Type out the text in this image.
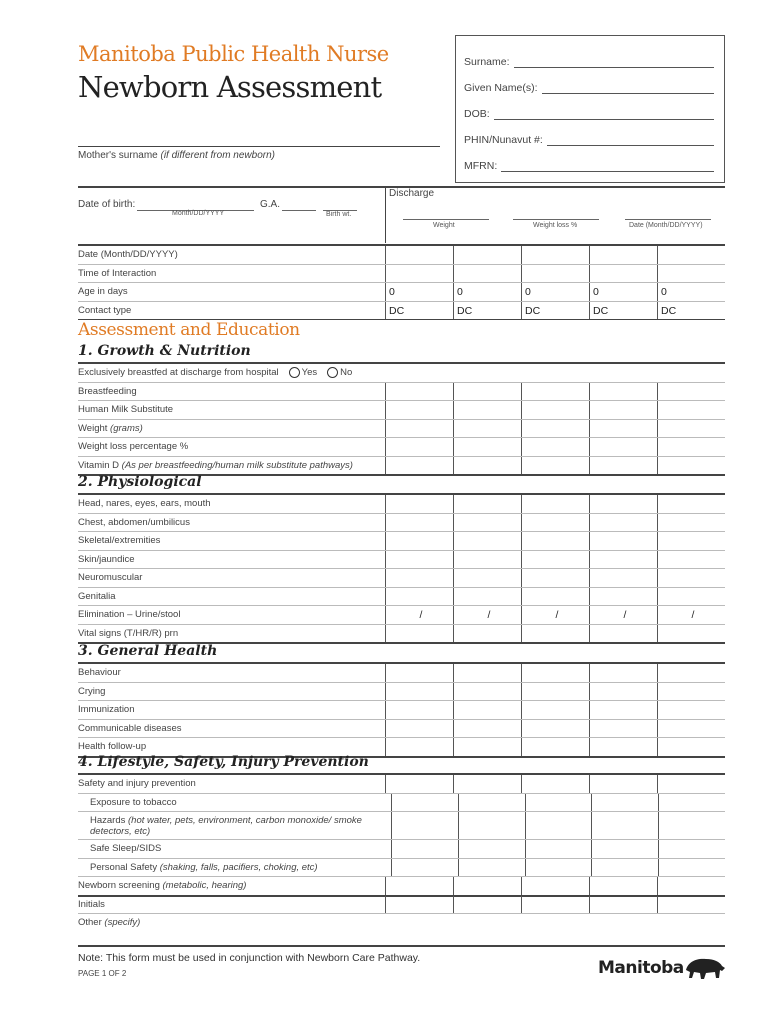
Manitoba Public Health Nurse
Newborn Assessment
Surname:
Given Name(s):
DOB:
PHIN/Nunavut #:
MFRN:
Mother's surname (if different from newborn)
Date of birth:
Month/DD/YYYY
G.A.
Birth wt.
Discharge
Weight	Weight loss %	Date (Month/DD/YYYY)
Date (Month/DD/YYYY)
Time of Interaction
Age in days	0	0	0	0	0
Contact type	DC	DC	DC	DC	DC
1. Growth & Nutrition
Exclusively breastfed at discharge from hospital Yes No
Breastfeeding
Human Milk Substitute
Weight (grams)
Weight loss percentage %
Vitamin D (As per breastfeeding/human milk substitute pathways)
2. Physiological
Head, nares, eyes, ears, mouth
Chest, abdomen/umbilicus
Skeletal/extremities
Skin/jaundice
Neuromuscular
Genitalia
Elimination – Urine/stool	/	/	/	/	/
Vital signs (T/HR/R) prn
3. General Health
Behaviour
Crying
Immunization
Communicable diseases
Health follow-up
4. Lifestyle, Safety, Injury Prevention
Safety and injury prevention
Exposure to tobacco
Hazards (hot water, pets, environment, carbon monoxide/ smoke detectors, etc)
Safe Sleep/SIDS
Personal Safety (shaking, falls, pacifiers, choking, etc)
Newborn screening (metabolic, hearing)
Initials
Other (specify)
Assessment and Education
Note: This form must be used in conjunction with Newborn Care Pathway.
PAGE 1 OF 2	Manitoba
